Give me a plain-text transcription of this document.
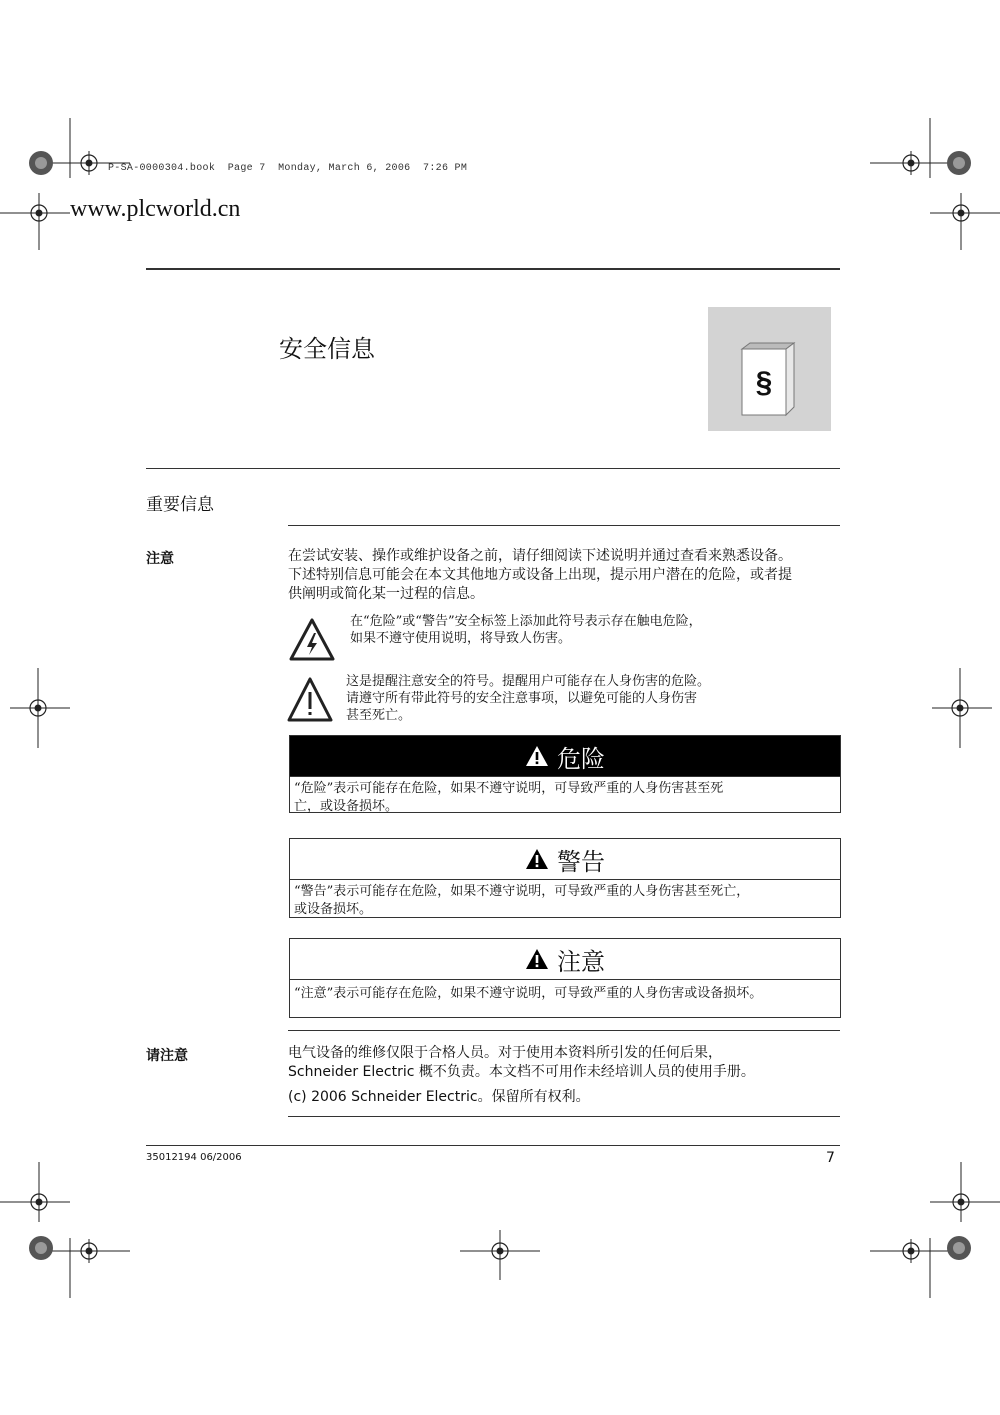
P-SA-0000304.book  Page 7  Monday, March 6, 2006  7:26 PM
www.plcworld.cn
安全信息
§
重要信息
注意	在尝试安装、操作或维护设备之前，请仔细阅读下述说明并通过查看来熟悉设备。
下述特别信息可能会在本文其他地方或设备上出现，提示用户潜在的危险，或者提
供阐明或简化某一过程的信息。
在“危险”或“警告”安全标签上添加此符号表示存在触电危险，
如果不遵守使用说明，将导致人伤害。
这是提醒注意安全的符号。提醒用户可能存在人身伤害的危险。
请遵守所有带此符号的安全注意事项，以避免可能的人身伤害
甚至死亡。
危险
“危险”表示可能存在危险，如果不遵守说明，可导致严重的人身伤害甚至死
亡，或设备损坏。
警告
“警告”表示可能存在危险，如果不遵守说明，可导致严重的人身伤害甚至死亡，
或设备损坏。
注意
“注意”表示可能存在危险，如果不遵守说明，可导致严重的人身伤害或设备损坏。
请注意	电气设备的维修仅限于合格人员。对于使用本资料所引发的任何后果，
Schneider Electric 概不负责。本文档不可用作未经培训人员的使用手册。
(c) 2006 Schneider Electric。保留所有权利。
35012194 06/2006	7
